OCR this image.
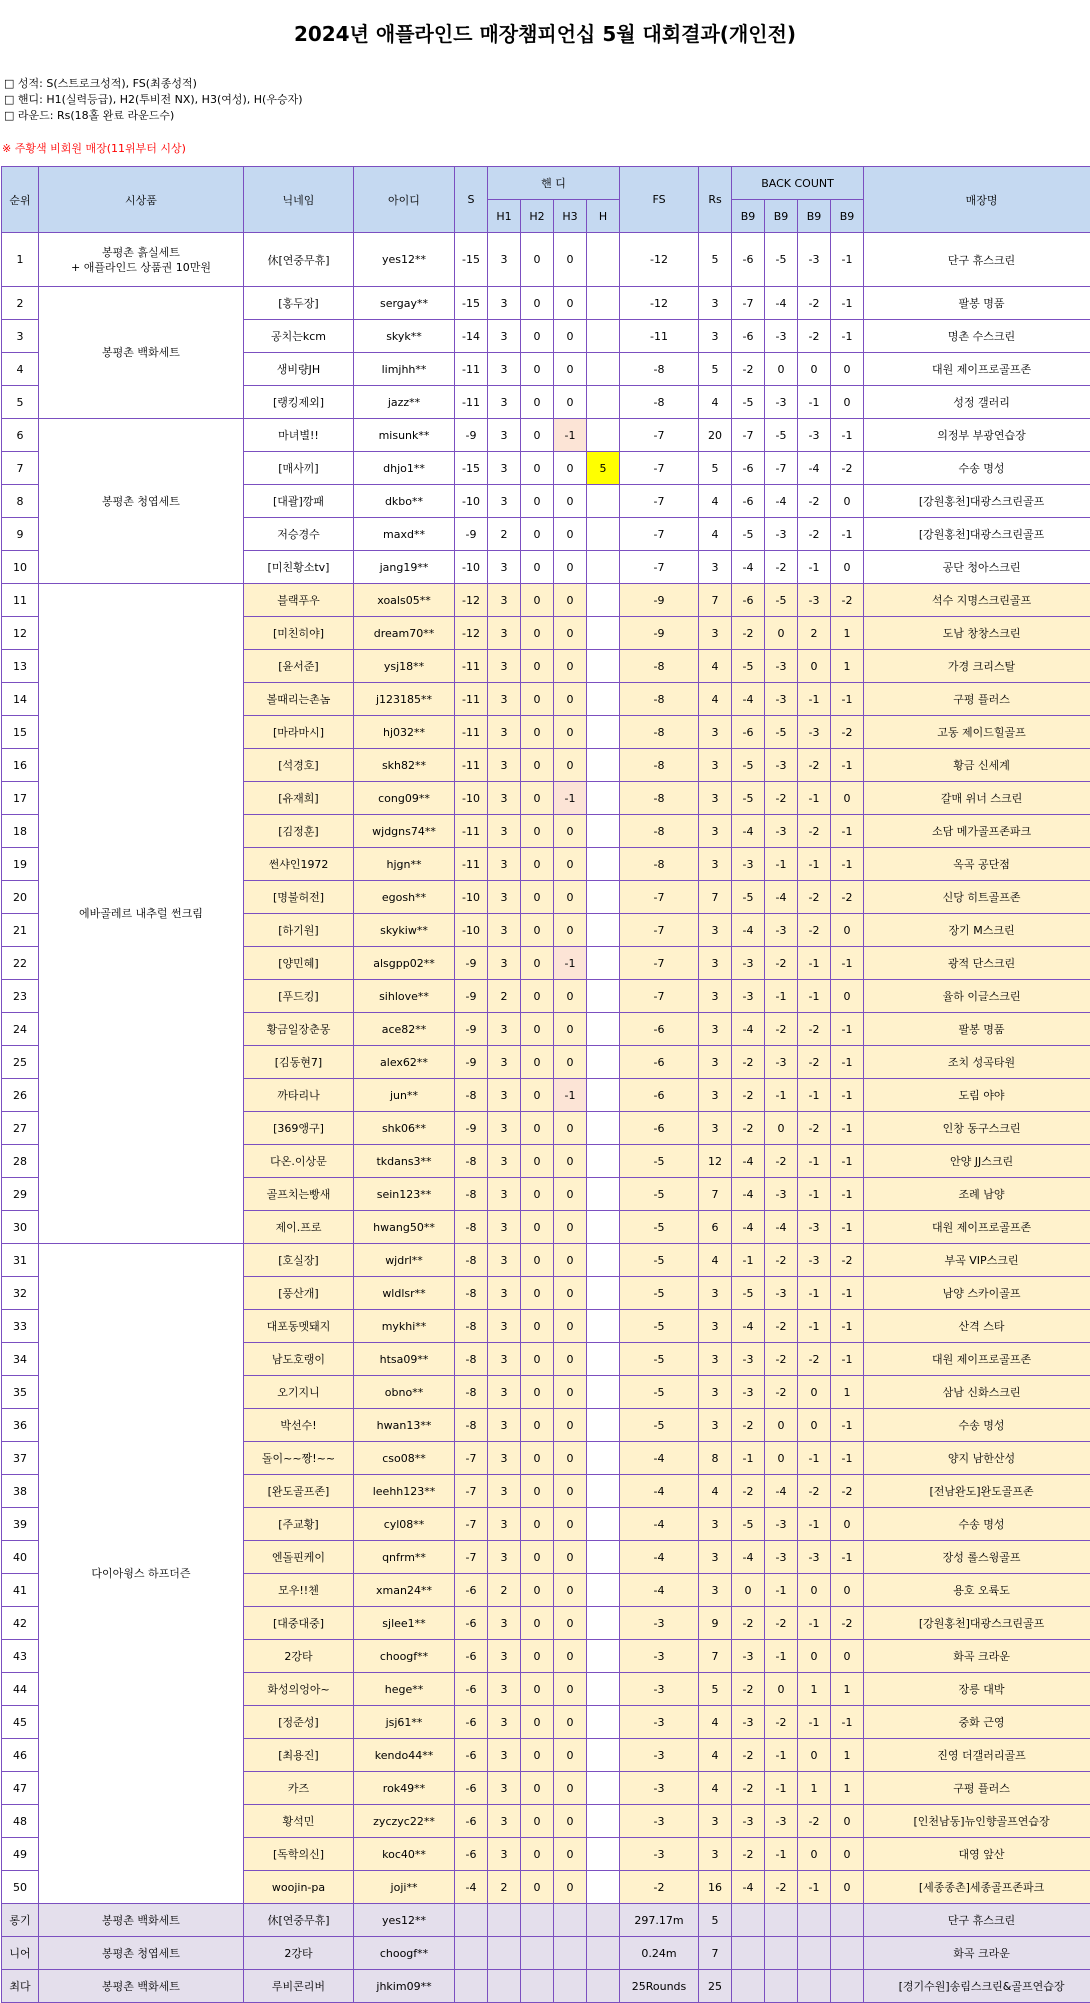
2024년 애플라인드 매장챔피언십 5월 대회결과(개인전)
□ 성적: S(스트로크성적), FS(최종성적)
□ 핸디: H1(실력등급), H2(투비전 NX), H3(여성), H(우승자)
□ 라운드: Rs(18홀 완료 라운드수)
※ 주황색 비회원 매장(11위부터 시상)
순위	시상품	닉네임	아이디	S	핸 디				FS	Rs	BACK COUNT				매장명
					H1	H2	H3	H			B9	B9	B9	B9	
1	봉평촌 흙실세트
+ 애플라인드 상품권 10만원	休[연중무휴]	yes12**	-15	3	0	0		-12	5	-6	-5	-3	-1	단구 휴스크린
2	봉평촌 백화세트	[홍두장]	sergay**	-15	3	0	0		-12	3	-7	-4	-2	-1	팔봉 명품
3		공치는kcm	skyk**	-14	3	0	0		-11	3	-6	-3	-2	-1	명촌 수스크린
4		생비량JH	limjhh**	-11	3	0	0		-8	5	-2	0	0	0	대원 제이프로골프존
5		[랭킹제외]	jazz**	-11	3	0	0		-8	4	-5	-3	-1	0	성정 갤러리
6	봉평촌 청엽세트	마녀별!!	misunk**	-9	3	0	-1		-7	20	-7	-5	-3	-1	의정부 부광연습장
7		[매사끼]	dhjo1**	-15	3	0	0	5	-7	5	-6	-7	-4	-2	수송 명성
8		[대괄]깡패	dkbo**	-10	3	0	0		-7	4	-6	-4	-2	0	[강원홍천]대광스크린골프
9		저승경수	maxd**	-9	2	0	0		-7	4	-5	-3	-2	-1	[강원홍천]대광스크린골프
10		[미친황소tv]	jang19**	-10	3	0	0		-7	3	-4	-2	-1	0	공단 청아스크린
11	에바골레르 내추럴 썬크림	블랙푸우	xoals05**	-12	3	0	0		-9	7	-6	-5	-3	-2	석수 지명스크린골프
12		[미친히야]	dream70**	-12	3	0	0		-9	3	-2	0	2	1	도남 창창스크린
13		[윤서준]	ysj18**	-11	3	0	0		-8	4	-5	-3	0	1	가경 크리스탈
14		볼때리는촌놈	j123185**	-11	3	0	0		-8	4	-4	-3	-1	-1	구평 플러스
15		[마라마시]	hj032**	-11	3	0	0		-8	3	-6	-5	-3	-2	고동 제이드힐골프
16		[석경호]	skh82**	-11	3	0	0		-8	3	-5	-3	-2	-1	황금 신세계
17		[유재희]	cong09**	-10	3	0	-1		-8	3	-5	-2	-1	0	갈매 위너 스크린
18		[김정훈]	wjdgns74**	-11	3	0	0		-8	3	-4	-3	-2	-1	소담 메가골프존파크
19		썬샤인1972	hjgn**	-11	3	0	0		-8	3	-3	-1	-1	-1	옥곡 공단점
20		[명불허전]	egosh**	-10	3	0	0		-7	7	-5	-4	-2	-2	신당 히트골프존
21		[하기원]	skykiw**	-10	3	0	0		-7	3	-4	-3	-2	0	장기 M스크린
22		[양민혜]	alsgpp02**	-9	3	0	-1		-7	3	-3	-2	-1	-1	광적 단스크린
23		[푸드킹]	sihlove**	-9	2	0	0		-7	3	-3	-1	-1	0	율하 이글스크린
24		황금일장춘몽	ace82**	-9	3	0	0		-6	3	-4	-2	-2	-1	팔봉 명품
25		[김동현7]	alex62**	-9	3	0	0		-6	3	-2	-3	-2	-1	조치 성곡타원
26		까타리나	jun**	-8	3	0	-1		-6	3	-2	-1	-1	-1	도림 야야
27		[369앵구]	shk06**	-9	3	0	0		-6	3	-2	0	-2	-1	인창 동구스크린
28		다온.이상문	tkdans3**	-8	3	0	0		-5	12	-4	-2	-1	-1	안양 JJ스크린
29		골프치는빵새	sein123**	-8	3	0	0		-5	7	-4	-3	-1	-1	조례 남양
30		제이.프로	hwang50**	-8	3	0	0		-5	6	-4	-4	-3	-1	대원 제이프로골프존
31	다이아윙스 하프더즌	[호실장]	wjdrl**	-8	3	0	0		-5	4	-1	-2	-3	-2	부곡 VIP스크린
32		[풍산개]	wldlsr**	-8	3	0	0		-5	3	-5	-3	-1	-1	남양 스카이골프
33		대포동멧돼지	mykhi**	-8	3	0	0		-5	3	-4	-2	-1	-1	산격 스타
34		남도호랭이	htsa09**	-8	3	0	0		-5	3	-3	-2	-2	-1	대원 제이프로골프존
35		오기지니	obno**	-8	3	0	0		-5	3	-3	-2	0	1	삼남 신화스크린
36		박선수!	hwan13**	-8	3	0	0		-5	3	-2	0	0	-1	수송 명성
37		돌이~~짱!~~	cso08**	-7	3	0	0		-4	8	-1	0	-1	-1	양지 남한산성
38		[완도골프존]	leehh123**	-7	3	0	0		-4	4	-2	-4	-2	-2	[전남완도]완도골프존
39		[주교황]	cyl08**	-7	3	0	0		-4	3	-5	-3	-1	0	수송 명성
40		엔돌핀케이	qnfrm**	-7	3	0	0		-4	3	-4	-3	-3	-1	장성 롤스윙골프
41		모우!!첸	xman24**	-6	2	0	0		-4	3	0	-1	0	0	용호 오륙도
42		[대중대중]	sjlee1**	-6	3	0	0		-3	9	-2	-2	-1	-2	[강원홍천]대광스크린골프
43		2강타	choogf**	-6	3	0	0		-3	7	-3	-1	0	0	화곡 크라운
44		화성의엉아~	hege**	-6	3	0	0		-3	5	-2	0	1	1	장릉 대박
45		[정준성]	jsj61**	-6	3	0	0		-3	4	-3	-2	-1	-1	중화 근영
46		[최용진]	kendo44**	-6	3	0	0		-3	4	-2	-1	0	1	진영 더갤러리골프
47		카즈	rok49**	-6	3	0	0		-3	4	-2	-1	1	1	구평 플러스
48		황석민	zyczyc22**	-6	3	0	0		-3	3	-3	-3	-2	0	[인천남동]뉴인향골프연습장
49		[독학의신]	koc40**	-6	3	0	0		-3	3	-2	-1	0	0	대영 앞산
50		woojin-pa	joji**	-4	2	0	0		-2	16	-4	-2	-1	0	[세종종촌]세종골프존파크
롱기	봉평촌 백화세트	休[연중무휴]	yes12**						297.17m	5					단구 휴스크린
니어	봉평촌 청엽세트	2강타	choogf**						0.24m	7					화곡 크라운
최다	봉평촌 백화세트	루비콘리버	jhkim09**						25Rounds	25					[경기수원]송림스크린&골프연습장
